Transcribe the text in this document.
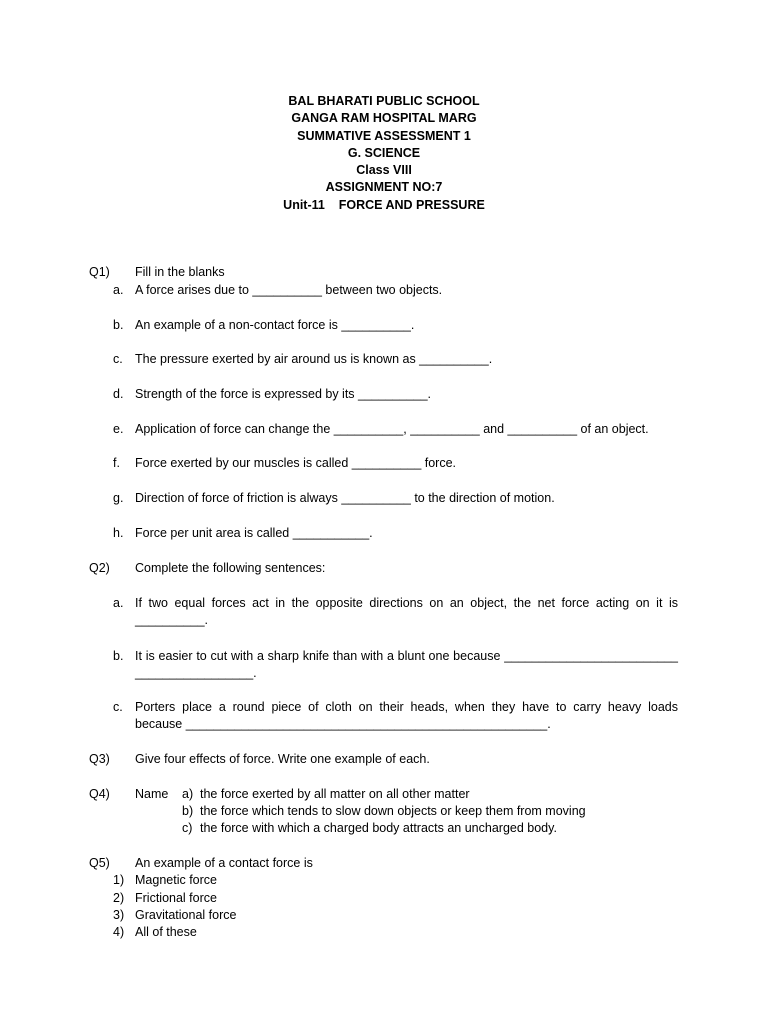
BAL BHARATI PUBLIC SCHOOL
GANGA RAM HOSPITAL MARG
SUMMATIVE ASSESSMENT 1
G. SCIENCE
Class VIII
ASSIGNMENT NO:7
Unit-11    FORCE AND PRESSURE
Q1) Fill in the blanks
a. A force arises due to __________ between two objects.
b. An example of a non-contact force is __________.
c. The pressure exerted by air around us is known as __________.
d. Strength of the force is expressed by its __________.
e. Application of force can change the __________, __________ and __________ of an object.
f. Force exerted by our muscles is called __________ force.
g. Direction of force of friction is always __________ to the direction of motion.
h. Force per unit area is called ___________.
Q2) Complete the following sentences:
a. If two equal forces act in the opposite directions on an object, the net force acting on it is
__________.
b. It is easier to cut with a sharp knife than with a blunt one because _________________________
_________________.
c. Porters place a round piece of cloth on their heads, when they have to carry heavy loads
because ____________________________________________________.
Q3) Give four effects of force. Write one example of each.
Q4) Name a) the force exerted by all matter on all other matter
b) the force which tends to slow down objects or keep them from moving
c) the force with which a charged body attracts an uncharged body.
Q5) An example of a contact force is
1) Magnetic force
2) Frictional force
3) Gravitational force
4) All of these
